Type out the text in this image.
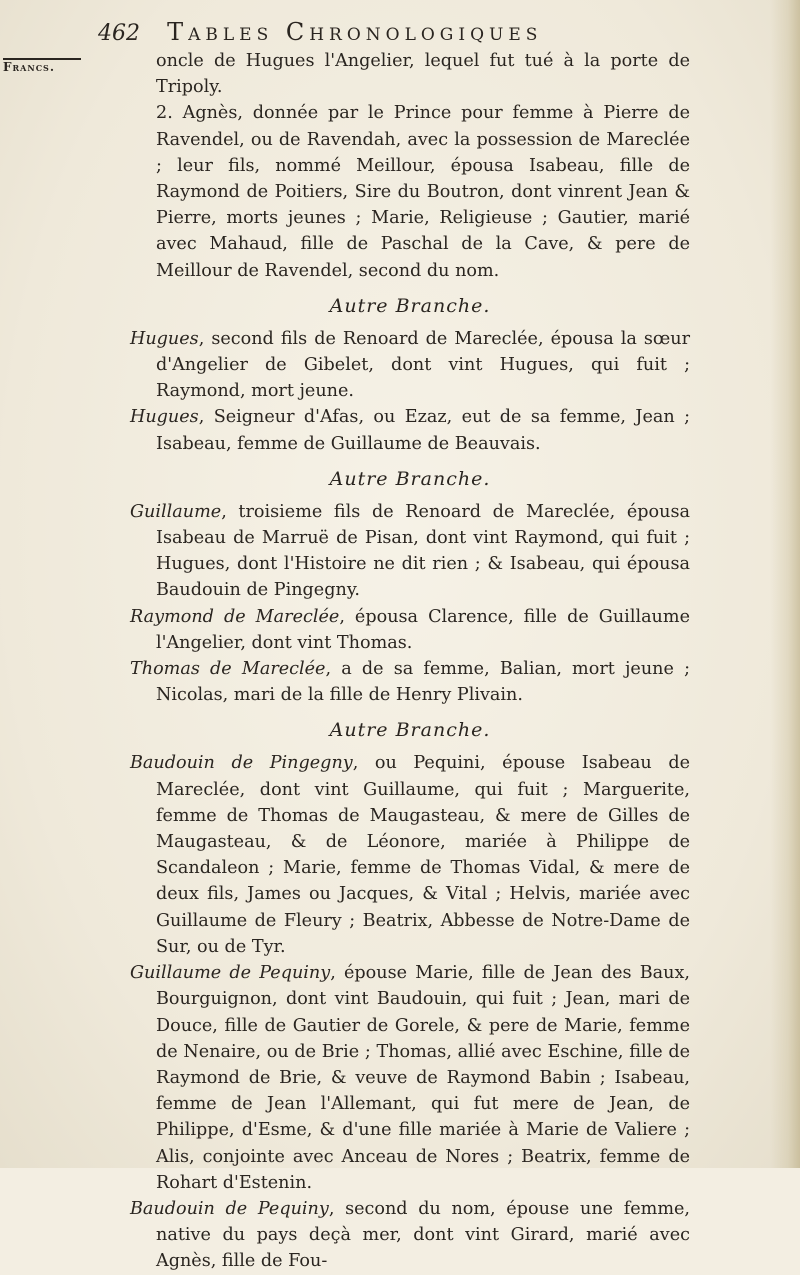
462 Tables Chronologiques
Francs.	oncle de Hugues l'Angelier, lequel fut tué à la porte de Tripoly.

2. Agnès, donnée par le Prince pour femme à Pierre de Ravendel, ou de Ravendah, avec la possession de Mareclée ; leur fils, nommé Meillour, épousa Isabeau, fille de Raymond de Poitiers, Sire du Boutron, dont vinrent Jean & Pierre, morts jeunes ; Marie, Religieuse ; Gautier, marié avec Mahaud, fille de Paschal de la Cave, & pere de Meillour de Ravendel, second du nom.

Autre Branche.

Hugues, second fils de Renoard de Mareclée, épousa la sœur d'Angelier de Gibelet, dont vint Hugues, qui fuit ; Raymond, mort jeune.

Hugues, Seigneur d'Afas, ou Ezaz, eut de sa femme, Jean ; Isabeau, femme de Guillaume de Beauvais.

Autre Branche.

Guillaume, troisieme fils de Renoard de Mareclée, épousa Isabeau de Marruë de Pisan, dont vint Raymond, qui fuit ; Hugues, dont l'Histoire ne dit rien ; & Isabeau, qui épousa Baudouin de Pingegny.

Raymond de Mareclée, épousa Clarence, fille de Guillaume l'Angelier, dont vint Thomas.

Thomas de Mareclée, a de sa femme, Balian, mort jeune ; Nicolas, mari de la fille de Henry Plivain.

Autre Branche.

Baudouin de Pingegny, ou Pequini, épouse Isabeau de Mareclée, dont vint Guillaume, qui fuit ; Marguerite, femme de Thomas de Maugasteau, & mere de Gilles de Maugasteau, & de Léonore, mariée à Philippe de Scandaleon ; Marie, femme de Thomas Vidal, & mere de deux fils, James ou Jacques, & Vital ; Helvis, mariée avec Guillaume de Fleury ; Beatrix, Abbesse de Notre-Dame de Sur, ou de Tyr.

Guillaume de Pequiny, épouse Marie, fille de Jean des Baux, Bourguignon, dont vint Baudouin, qui fuit ; Jean, mari de Douce, fille de Gautier de Gorele, & pere de Marie, femme de Nenaire, ou de Brie ; Thomas, allié avec Eschine, fille de Raymond de Brie, & veuve de Raymond Babin ; Isabeau, femme de Jean l'Allemant, qui fut mere de Jean, de Philippe, d'Esme, & d'une fille mariée à Marie de Valiere ; Alis, conjointe avec Anceau de Nores ; Beatrix, femme de Rohart d'Estenin.

Baudouin de Pequiny, second du nom, épouse une femme, native du pays deçà mer, dont vint Girard, marié avec Agnès, fille de Fou-
